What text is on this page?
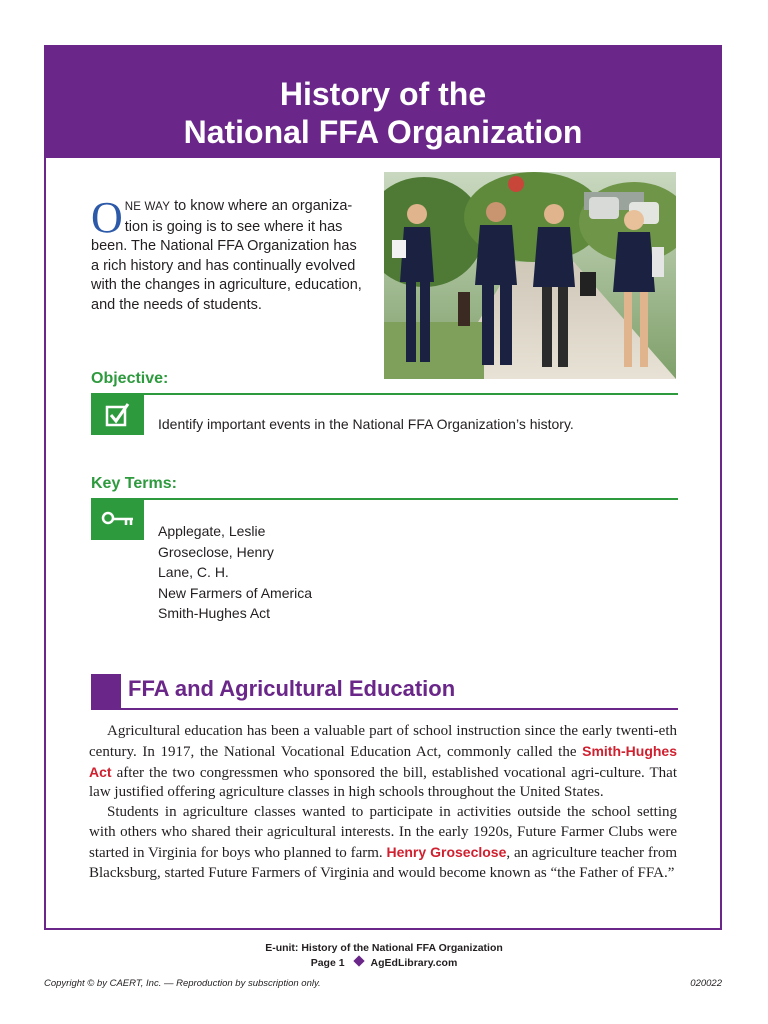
History of the
National FFA Organization
ONE WAY to know where an organiza-tion is going is to see where it has been. The National FFA Organization has a rich history and has continually evolved with the changes in agriculture, education, and the needs of students.
Objective:
Identify important events in the National FFA Organization’s history.
Key Terms:
Applegate, Leslie
Groseclose, Henry
Lane, C. H.
New Farmers of America
Smith-Hughes Act
FFA and Agricultural Education

Agricultural education has been a valuable part of school instruction since the early twenti-eth century. In 1917, the National Vocational Education Act, commonly called the Smith-Hughes Act after the two congressmen who sponsored the bill, established vocational agri-culture. That law justified offering agriculture classes in high schools throughout the United States.

Students in agriculture classes wanted to participate in activities outside the school setting with others who shared their agricultural interests. In the early 1920s, Future Farmer Clubs were started in Virginia for boys who planned to farm. Henry Groseclose, an agriculture teacher from Blacksburg, started Future Farmers of Virginia and would become known as “the Father of FFA.”

E-unit: History of the National FFA Organization
Page 1 AgEdLibrary.com
Copyright © by CAERT, Inc. — Reproduction by subscription only.	020022
